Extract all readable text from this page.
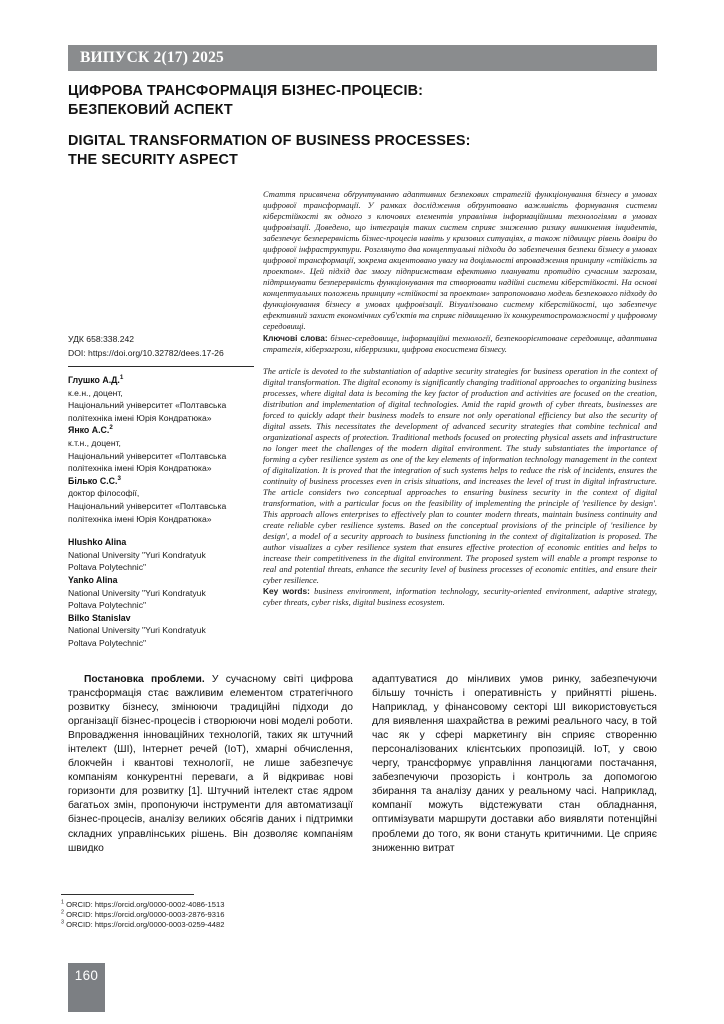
ВИПУСК 2(17) 2025
ЦИФРОВА ТРАНСФОРМАЦІЯ БІЗНЕС-ПРОЦЕСІВ:
БЕЗПЕКОВИЙ АСПЕКТ
DIGITAL TRANSFORMATION OF BUSINESS PROCESSES:
THE SECURITY ASPECT
УДК 658:338.242
DOI: https://doi.org/10.32782/dees.17-26
Глушко А.Д.$^1$
к.е.н., доцент,
Національний університет «Полтавська
політехніка імені Юрія Кондратюка»
Янко А.С.$^2$
к.т.н., доцент,
Національний університет «Полтавська
політехніка імені Юрія Кондратюка»
Білько С.С.$^3$
доктор філософії,
Національний університет «Полтавська
політехніка імені Юрія Кондратюка»
Hlushko Alina
National University "Yuri Kondratyuk
Poltava Polytechnic"
Yanko Alina
National University "Yuri Kondratyuk
Poltava Polytechnic"
Bilko Stanislav
National University "Yuri Kondratyuk
Poltava Polytechnic"

Стаття присвячена обґрунтуванню адаптивних безпекових стратегій функціонування бізнесу в умовах цифрової трансформації. У рамках дослідження обґрунтовано важливість формування системи кіберстійкості як одного з ключових елементів управління інформаційними технологіями в умовах цифровізації. Доведено, що інтеграція таких систем сприяє зниженню ризику виникнення інцидентів, забезпечує безперервність бізнес-процесів навіть у кризових ситуаціях, а також підвищує рівень довіри до цифрової інфраструктури. Розглянуто два концептуальні підходи до забезпечення безпеки бізнесу в умовах цифрової трансформації, зокрема акцентовано увагу на доцільності впровадження принципу «стійкість за проектом». Цей підхід дає змогу підприємствам ефективно планувати протидію сучасним загрозам, підтримувати безперервність функціонування та створювати надійні системи кіберстійкості. На основі концептуальних положень принципу «стійкості за проектом» запропоновано модель безпекового підходу до функціонування бізнесу в умовах цифровізації. Візуалізовано систему кіберстійкості, що забезпечує ефективний захист економічних суб'єктів та сприяє підвищенню їх конкурентоспроможності у цифровому середовищі.

Ключові слова: бізнес-середовище, інформаційні технології, безпекоорієнтоване середовище, адаптивна стратегія, кіберзагрози, кіберризики, цифрова екосистема бізнесу.

The article is devoted to the substantiation of adaptive security strategies for business operation in the context of digital transformation. The digital economy is significantly changing traditional approaches to organizing business processes, where digital data is becoming the key factor of production and activities are focused on the creation, distribution and implementation of digital technologies. Amid the rapid growth of cyber threats, businesses are forced to quickly adapt their business models to ensure not only operational efficiency but also the security of digital assets. This necessitates the development of advanced security strategies that combine technical and organizational aspects of protection. Traditional methods focused on protecting physical assets and infrastructure no longer meet the challenges of the modern digital environment. The study substantiates the importance of forming a cyber resilience system as one of the key elements of information technology management in the context of digitalization. It is proved that the integration of such systems helps to reduce the risk of incidents, ensures the continuity of business processes even in crisis situations, and increases the level of trust in digital infrastructure. The article considers two conceptual approaches to ensuring business security in the context of digital transformation, with a particular focus on the feasibility of implementing the principle of 'resilience by design'. This approach allows enterprises to effectively plan to counter modern threats, maintain business continuity and create reliable cyber resilience systems. Based on the conceptual provisions of the principle of 'resilience by design', a model of a security approach to business functioning in the context of digitalization is proposed. The author visualizes a cyber resilience system that ensures effective protection of economic entities and helps to increase their competitiveness in the digital environment. The proposed system will enable a prompt response to real and potential threats, enhance the security level of business processes of economic entities, and ensure their cyber resilience.

Key words: business environment, information technology, security-oriented environment, adaptive strategy, cyber threats, cyber risks, digital business ecosystem.

Постановка проблеми. У сучасному світі цифрова трансформація стає важливим елементом стратегічного розвитку бізнесу, змінюючи традиційні підходи до організації бізнес-процесів і створюючи нові моделі роботи. Впровадження інноваційних технологій, таких як штучний інтелект (ШІ), Інтернет речей (IoT), хмарні обчислення, блокчейн і квантові технології, не лише забезпечує компаніям конкурентні переваги, а й відкриває нові горизонти для розвитку [1]. Штучний інтелект стає ядром багатьох змін, пропонуючи інструменти для автоматизації бізнес-процесів, аналізу великих обсягів даних і підтримки складних управлінських рішень. Він дозволяє компаніям швидко

адаптуватися до мінливих умов ринку, забезпечуючи більшу точність і оперативність у прийнятті рішень. Наприклад, у фінансовому секторі ШІ використовується для виявлення шахрайства в режимі реального часу, в той час як у сфері маркетингу він сприяє створенню персоналізованих клієнтських пропозицій. IoT, у свою чергу, трансформує управління ланцюгами постачання, забезпечуючи прозорість і контроль за допомогою збирання та аналізу даних у реальному часі. Наприклад, компанії можуть відстежувати стан обладнання, оптимізувати маршрути доставки або виявляти потенційні проблеми до того, як вони стануть критичними. Це сприяє зниженню витрат

$^1$ ORCID: https://orcid.org/0000-0002-4086-1513
$^2$ ORCID: https://orcid.org/0000-0003-2876-9316
$^3$ ORCID: https://orcid.org/0000-0003-0259-4482
160
